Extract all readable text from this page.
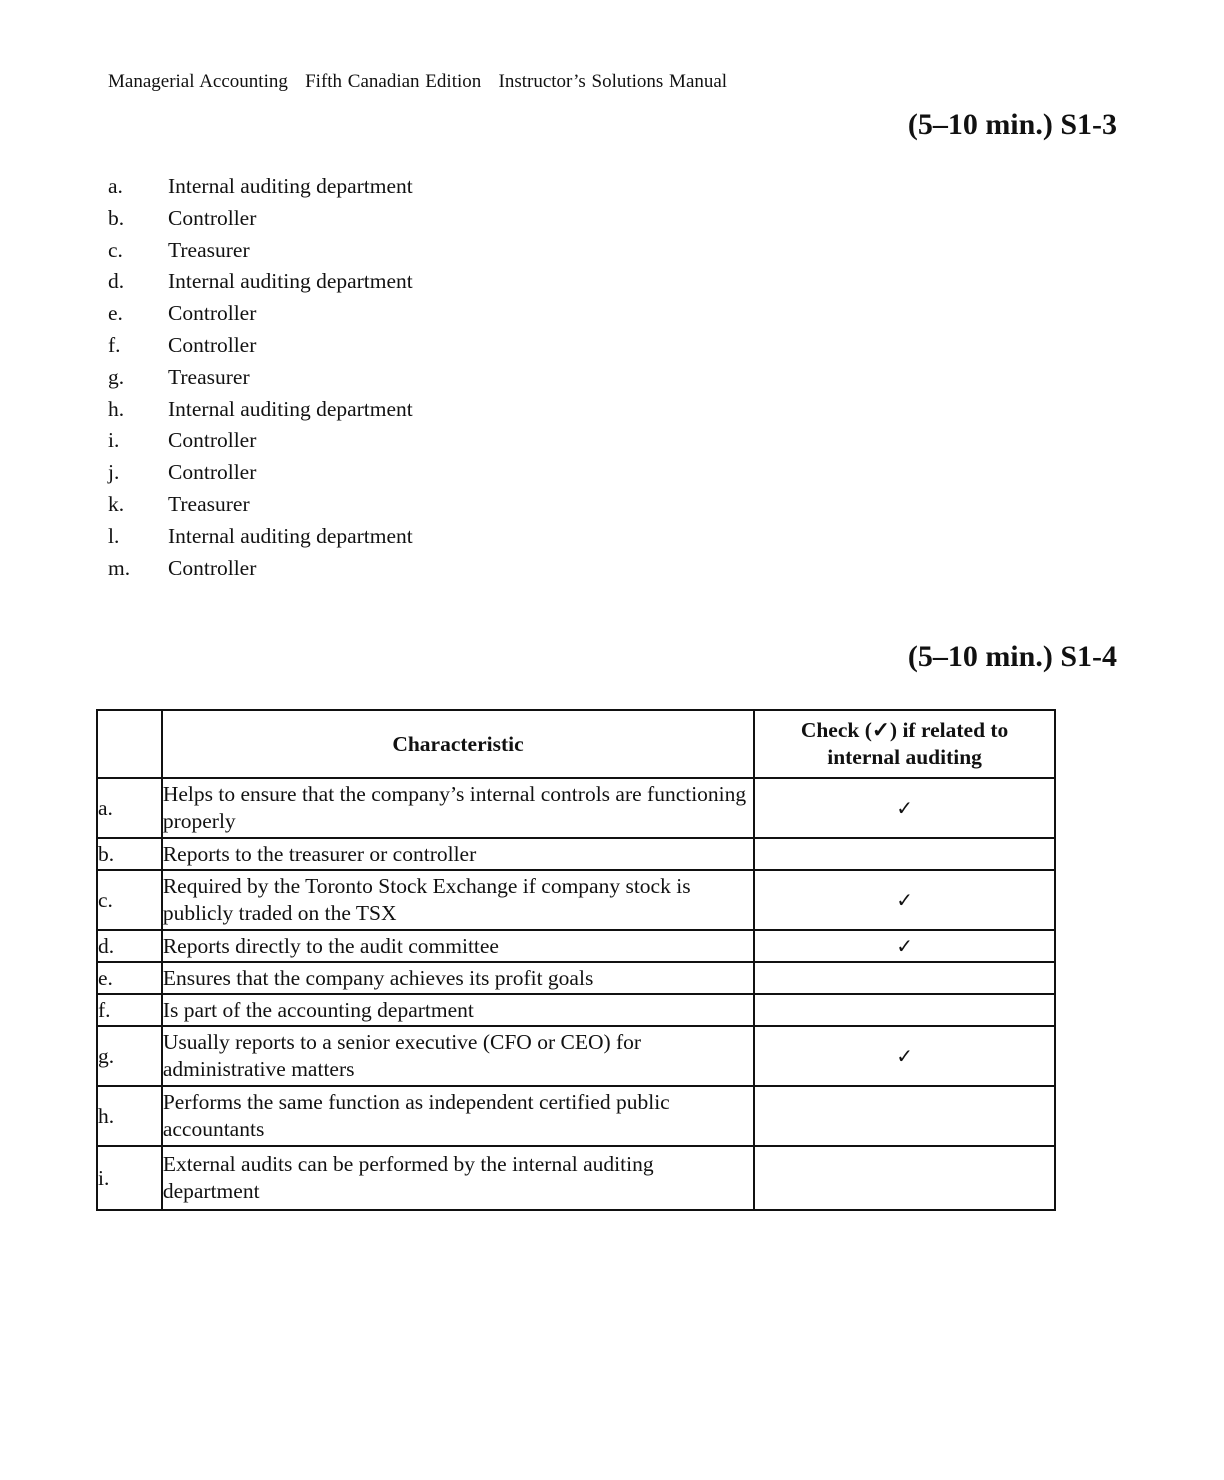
Managerial Accounting   Fifth Canadian Edition   Instructor’s Solutions Manual
(5–10 min.) S1-3
a.	Internal auditing department
b.	Controller
c.	Treasurer
d.	Internal auditing department
e.	Controller
f.	Controller
g.	Treasurer
h.	Internal auditing department
i.	Controller
j.	Controller
k.	Treasurer
l.	Internal auditing department
m.	Controller
(5–10 min.) S1-4
	Characteristic	Check (✓) if related to internal auditing

a.	Helps to ensure that the company’s internal controls are functioning properly	✓
b.	Reports to the treasurer or controller	
c.	Required by the Toronto Stock Exchange if company stock is publicly traded on the TSX	✓
d.	Reports directly to the audit committee	✓
e.	Ensures that the company achieves its profit goals	
f.	Is part of the accounting department	
g.	Usually reports to a senior executive (CFO or CEO) for administrative matters	✓
h.	Performs the same function as independent certified public accountants	
i.	External audits can be performed by the internal auditing department	
